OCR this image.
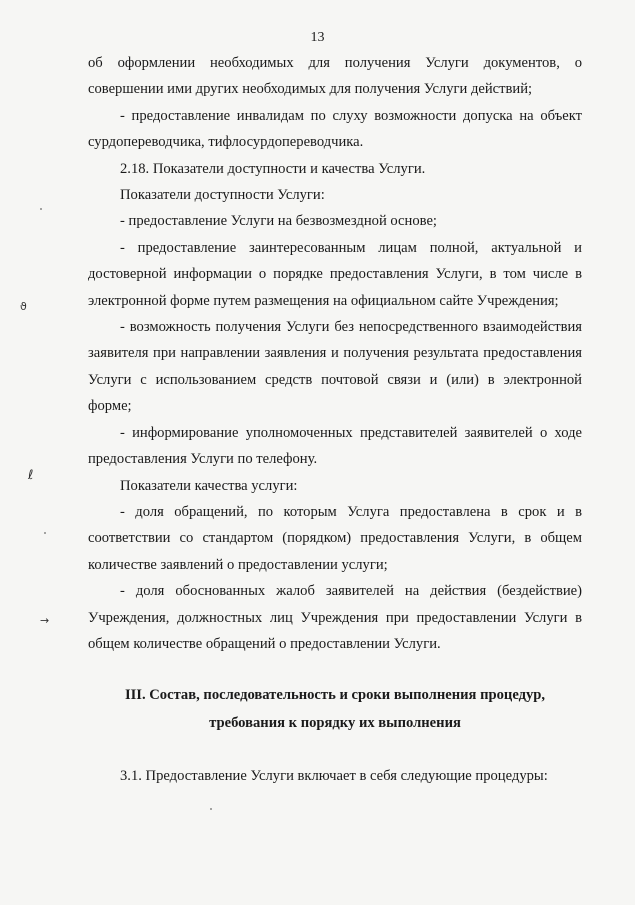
13
ϑ
ℓ
→

об оформлении необходимых для получения Услуги документов, о совершении ими других необходимых для получения Услуги действий;

- предоставление инвалидам по слуху возможности допуска на объект сурдопереводчика, тифлосурдопереводчика.

2.18. Показатели доступности и качества Услуги.

Показатели доступности Услуги:

- предоставление Услуги на безвозмездной основе;

- предоставление заинтересованным лицам полной, актуальной и достоверной информации о порядке предоставления Услуги, в том числе в электронной форме путем размещения на официальном сайте Учреждения;

- возможность получения Услуги без непосредственного взаимодействия заявителя при направлении заявления и получения результата предоставления Услуги с использованием средств почтовой связи и (или) в электронной форме;

- информирование уполномоченных представителей заявителей о ходе предоставления Услуги по телефону.

Показатели качества услуги:

- доля обращений, по которым Услуга предоставлена в срок и в соответствии со стандартом (порядком) предоставления Услуги, в общем количестве заявлений о предоставлении услуги;

- доля обоснованных жалоб заявителей на действия (бездействие) Учреждения, должностных лиц Учреждения при предоставлении Услуги в общем количестве обращений о предоставлении Услуги.

III. Состав, последовательность и сроки выполнения процедур,

требования к порядку их выполнения

3.1. Предоставление Услуги включает в себя следующие процедуры:
